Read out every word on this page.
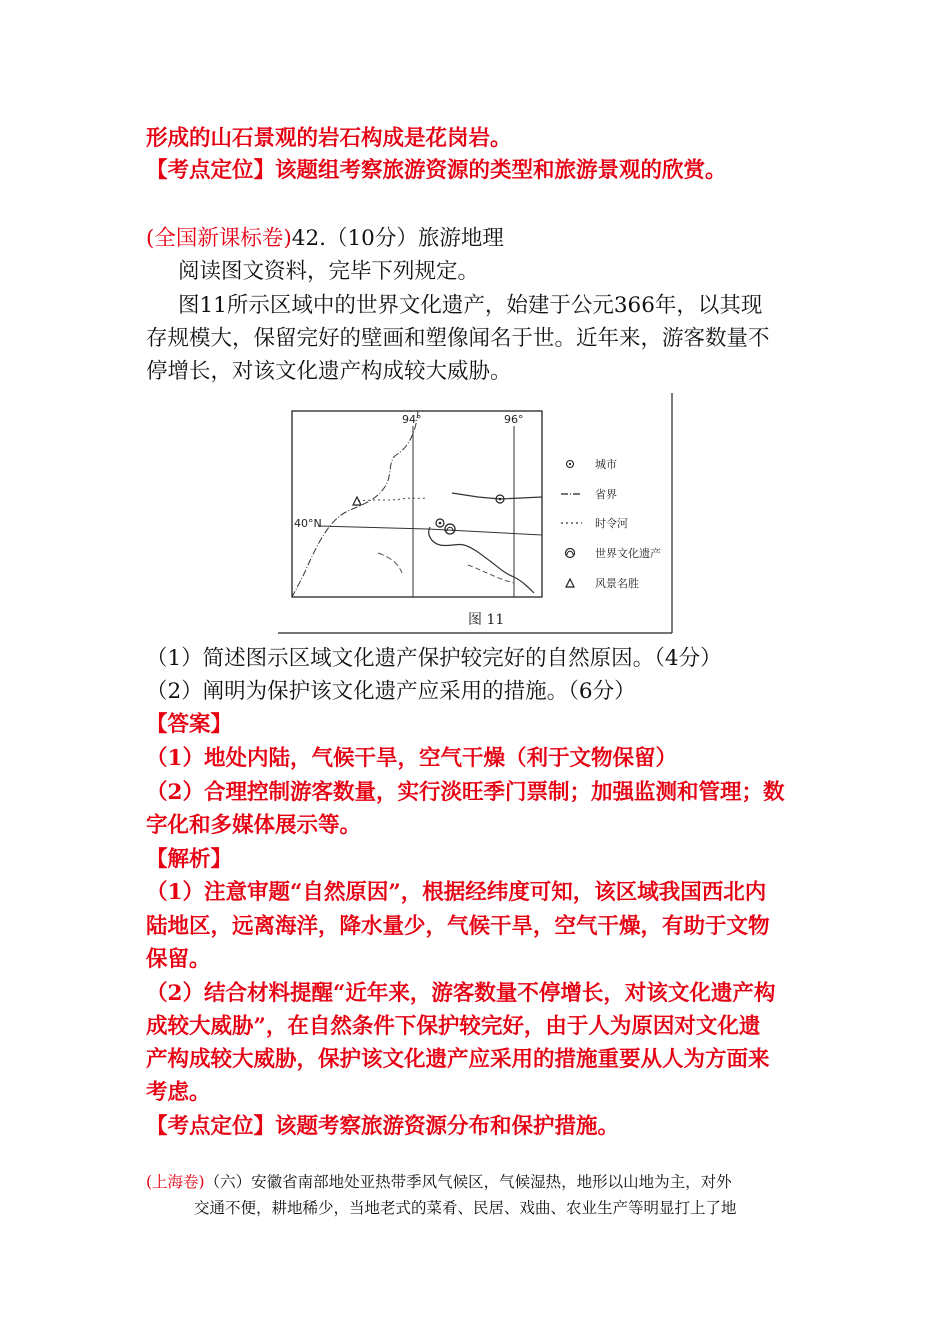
形成的山石景观的岩石构成是花岗岩。
【考点定位】该题组考察旅游资源的类型和旅游景观的欣赏。
(全国新课标卷)42.（10分）旅游地理
阅读图文资料，完毕下列规定。
图11所示区域中的世界文化遗产，始建于公元366年，以其现
存规模大，保留完好的壁画和塑像闻名于世。近年来，游客数量不
停增长，对该文化遗产构成较大威胁。
94°	96°
40°N
城市
省界
时令河
世界文化遗产
风景名胜
图 11
（1）简述图示区域文化遗产保护较完好的自然原因。（4分）
（2）阐明为保护该文化遗产应采用的措施。（6分）
【答案】
（1）地处内陆，气候干旱，空气干燥（利于文物保留）
（2）合理控制游客数量，实行淡旺季门票制；加强监测和管理；数
字化和多媒体展示等。
【解析】
（1）注意审题“自然原因”，根据经纬度可知，该区域我国西北内
陆地区，远离海洋，降水量少，气候干旱，空气干燥，有助于文物
保留。
（2）结合材料提醒“近年来，游客数量不停增长，对该文化遗产构
成较大威胁”，在自然条件下保护较完好，由于人为原因对文化遗
产构成较大威胁，保护该文化遗产应采用的措施重要从人为方面来
考虑。
【考点定位】该题考察旅游资源分布和保护措施。
(上海卷)（六）安徽省南部地处亚热带季风气候区，气候湿热，地形以山地为主，对外
交通不便，耕地稀少，当地老式的菜肴、民居、戏曲、农业生产等明显打上了地
